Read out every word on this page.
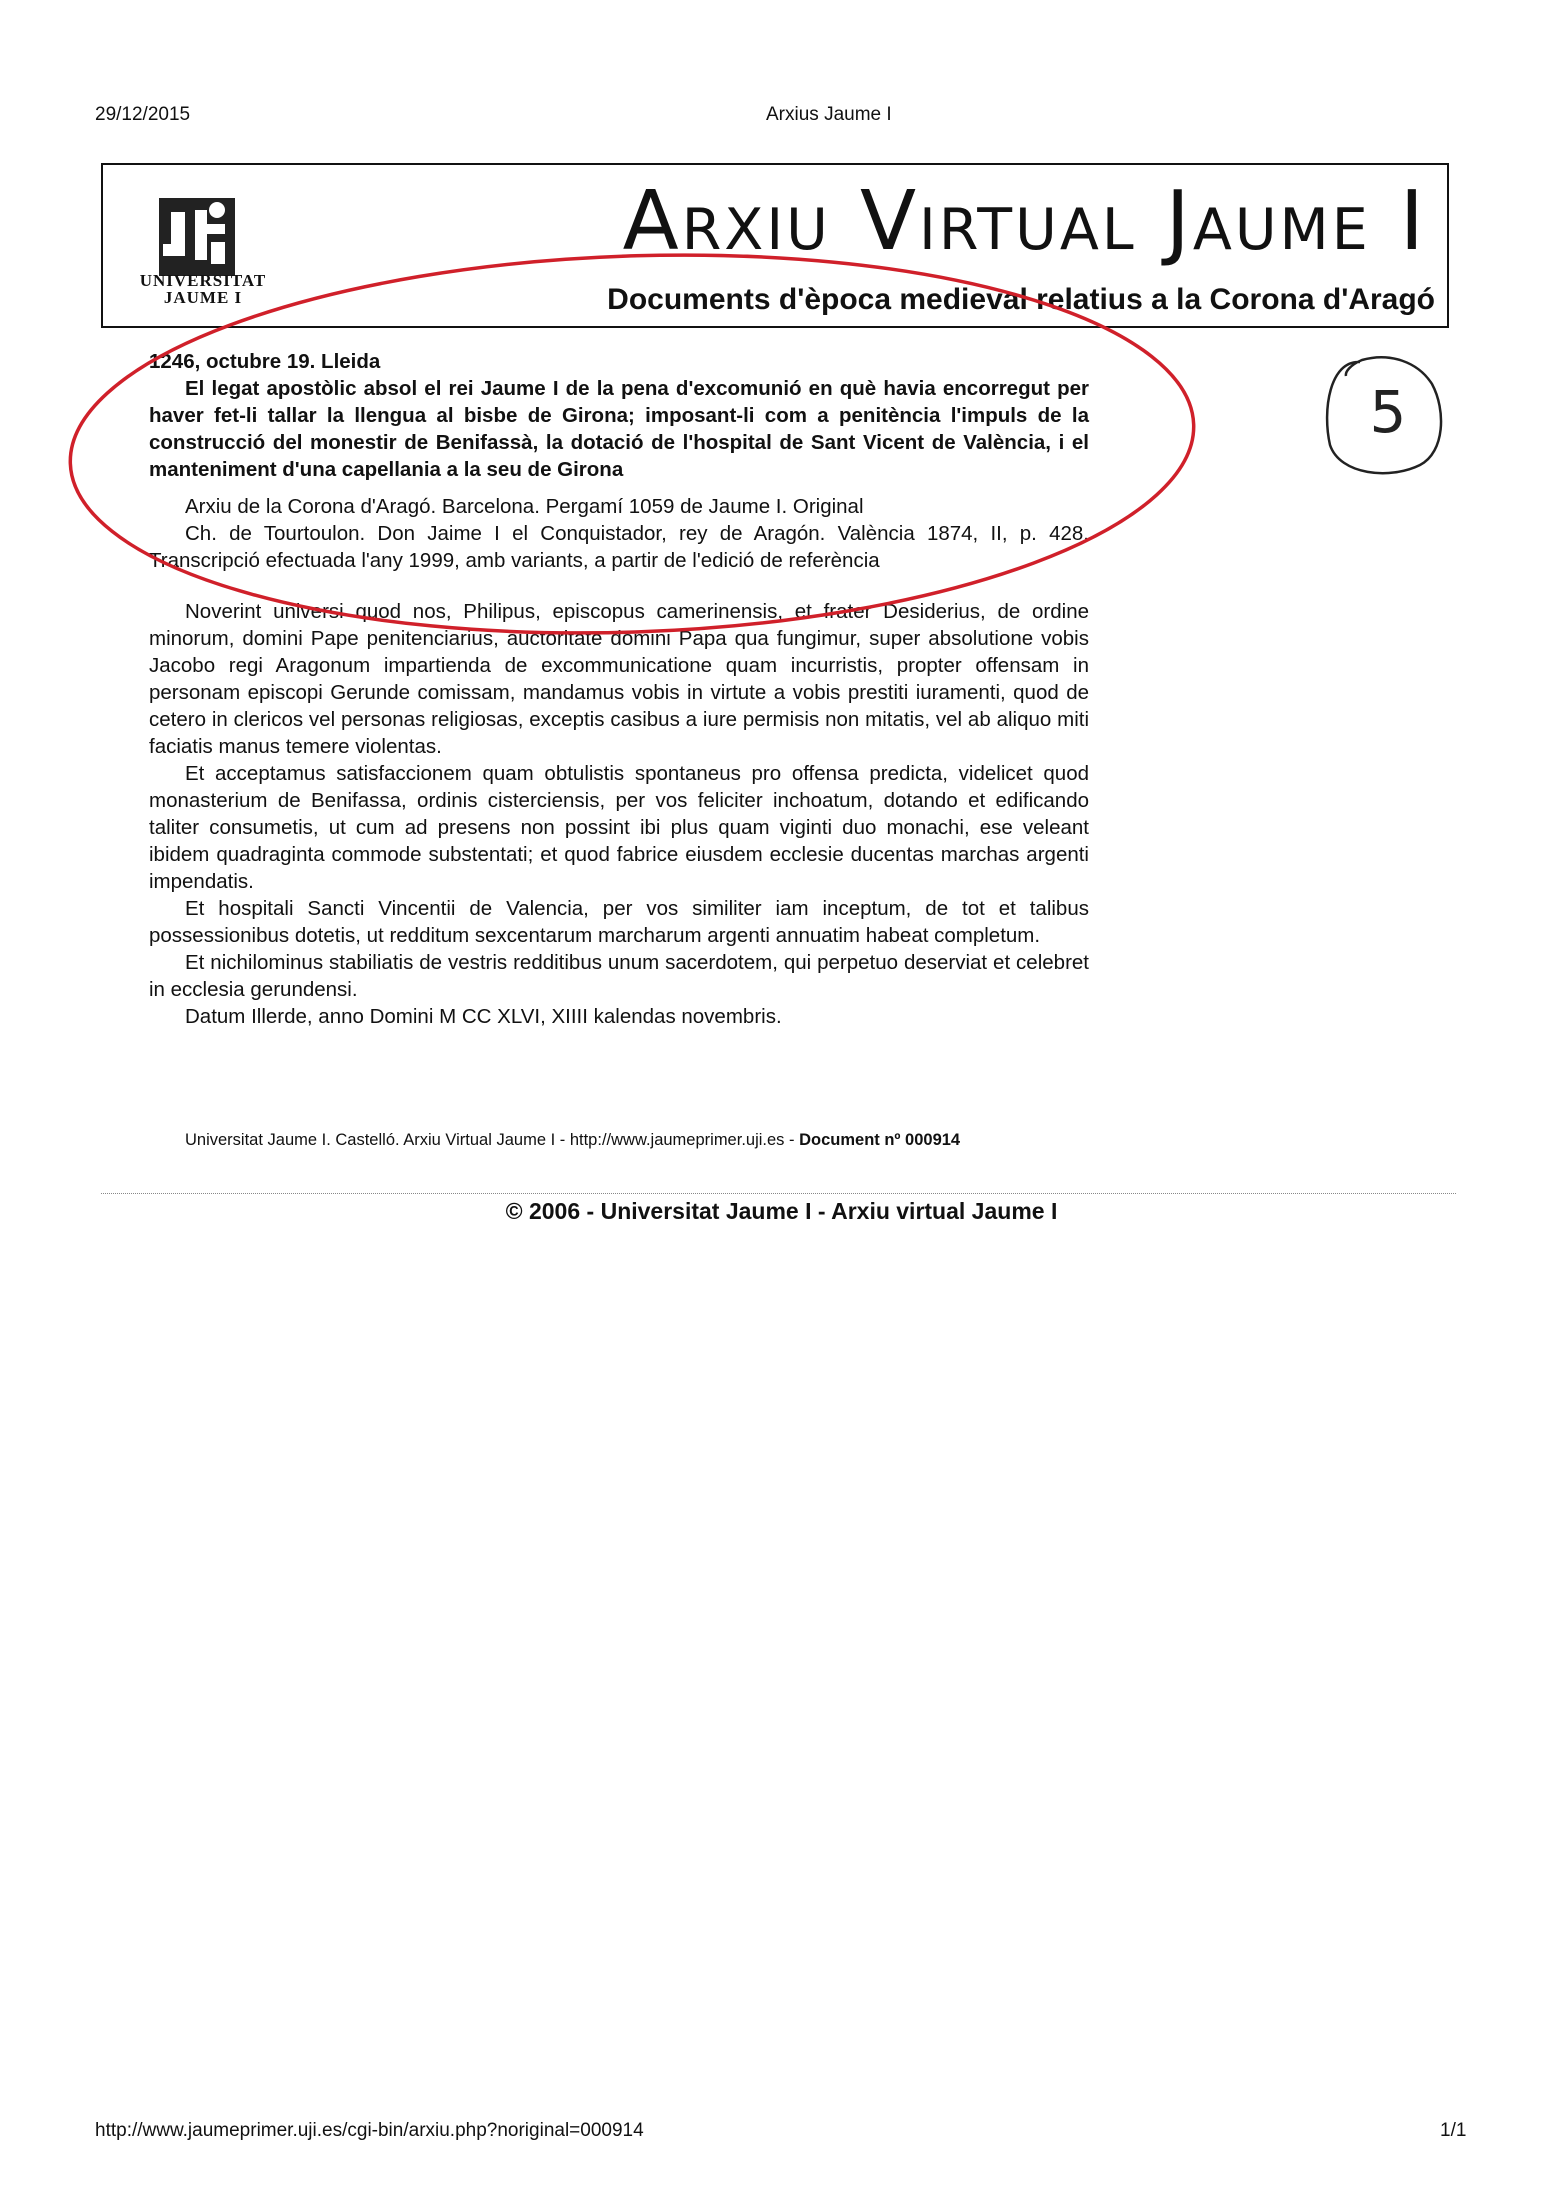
29/12/2015	Arxius Jaume I
UNIVERSITAT
JAUME I
Arxiu Virtual Jaume I
Documents d'època medieval relatius a la Corona d'Aragó

1246, octubre 19. Lleida

El legat apostòlic absol el rei Jaume I de la pena d'excomunió en què havia encorregut per haver fet-li tallar la llengua al bisbe de Girona; imposant-li com a penitència l'impuls de la construcció del monestir de Benifassà, la dotació de l'hospital de Sant Vicent de València, i el manteniment d'una capellania a la seu de Girona

Arxiu de la Corona d'Aragó. Barcelona. Pergamí 1059 de Jaume I. Original

Ch. de Tourtoulon. Don Jaime I el Conquistador, rey de Aragón. València 1874, II, p. 428. Transcripció efectuada l'any 1999, amb variants, a partir de l'edició de referència

Noverint universi quod nos, Philipus, episcopus camerinensis, et frater Desiderius, de ordine minorum, domini Pape penitenciarius, auctoritate domini Papa qua fungimur, super absolutione vobis Jacobo regi Aragonum impartienda de excommunicatione quam incurristis, propter offensam in personam episcopi Gerunde comissam, mandamus vobis in virtute a vobis prestiti iuramenti, quod de cetero in clericos vel personas religiosas, exceptis casibus a iure permisis non mitatis, vel ab aliquo miti faciatis manus temere violentas.

Et acceptamus satisfaccionem quam obtulistis spontaneus pro offensa predicta, videlicet quod monasterium de Benifassa, ordinis cisterciensis, per vos feliciter inchoatum, dotando et edificando taliter consumetis, ut cum ad presens non possint ibi plus quam viginti duo monachi, ese veleant ibidem quadraginta commode substentati; et quod fabrice eiusdem ecclesie ducentas marchas argenti impendatis.

Et hospitali Sancti Vincentii de Valencia, per vos similiter iam inceptum, de tot et talibus possessionibus dotetis, ut redditum sexcentarum marcharum argenti annuatim habeat completum.

Et nichilominus stabiliatis de vestris redditibus unum sacerdotem, qui perpetuo deserviat et celebret in ecclesia gerundensi.

Datum Illerde, anno Domini M CC XLVI, XIIII kalendas novembris.

Universitat Jaume I. Castelló. Arxiu Virtual Jaume I - http://www.jaumeprimer.uji.es - Document nº 000914
© 2006 - Universitat Jaume I - Arxiu virtual Jaume I
http://www.jaumeprimer.uji.es/cgi-bin/arxiu.php?noriginal=000914	1/1
5
